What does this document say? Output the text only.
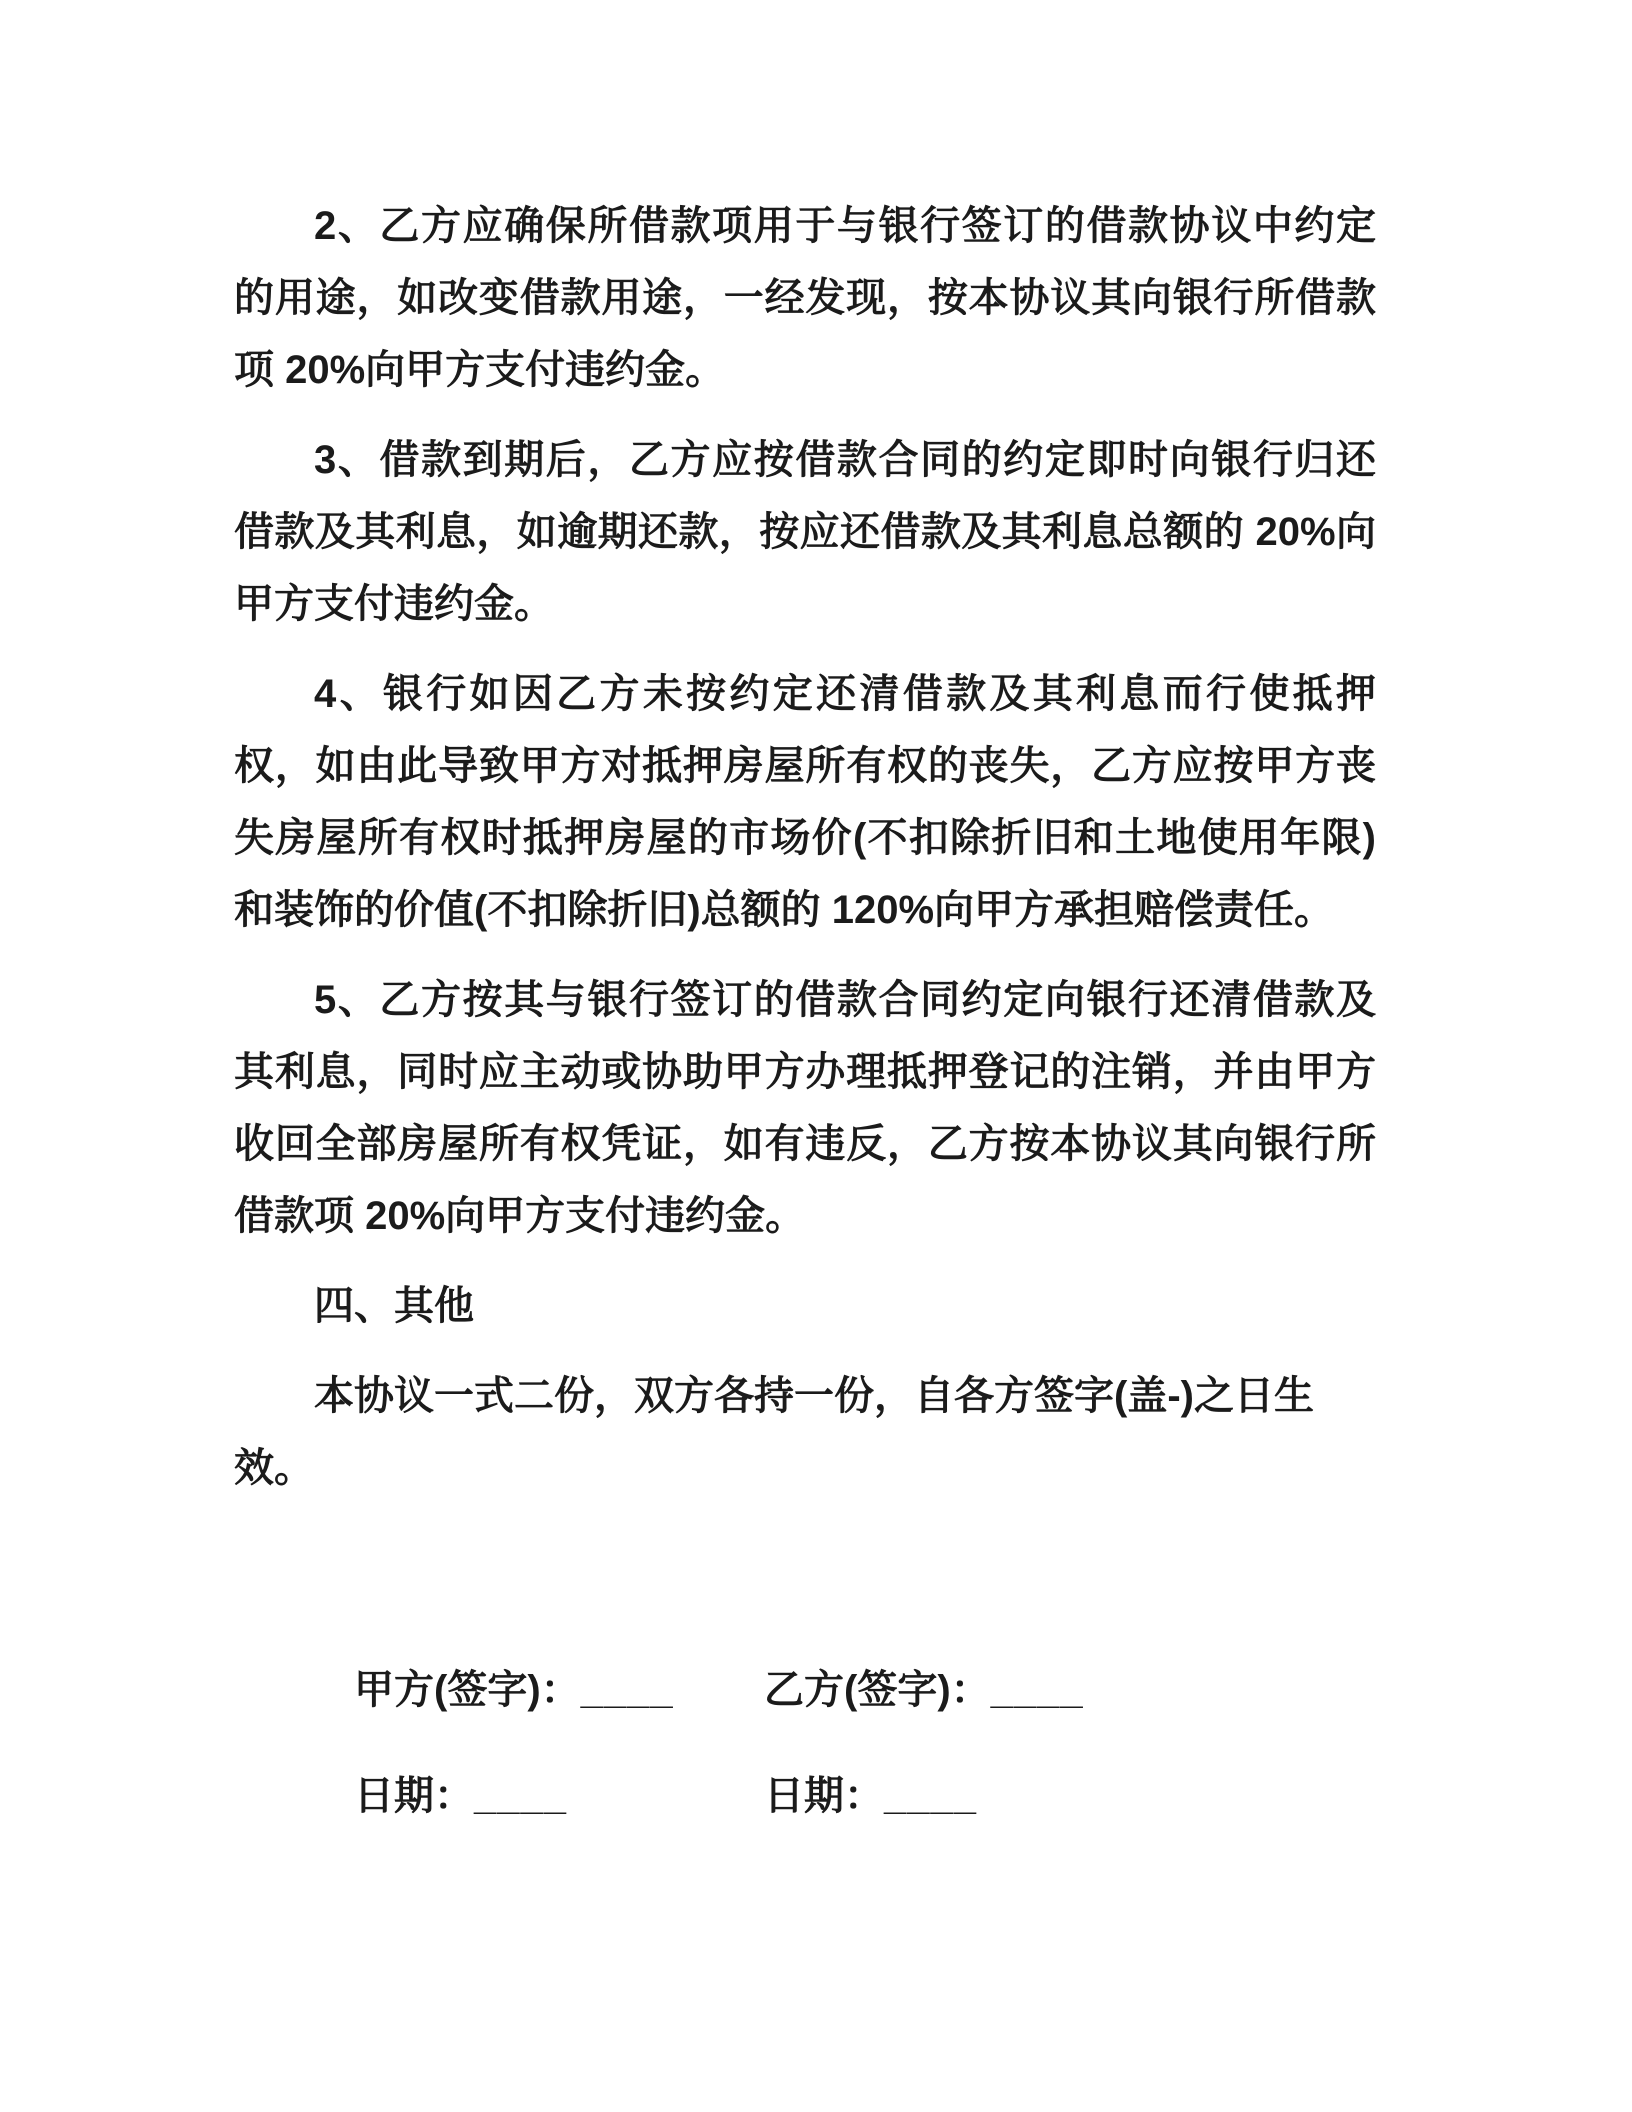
2、乙方应确保所借款项用于与银行签订的借款协议中约定的用途，如改变借款用途，一经发现，按本协议其向银行所借款项 20%向甲方支付违约金。

3、借款到期后，乙方应按借款合同的约定即时向银行归还借款及其利息，如逾期还款，按应还借款及其利息总额的 20%向甲方支付违约金。

4、银行如因乙方未按约定还清借款及其利息而行使抵押权，如由此导致甲方对抵押房屋所有权的丧失，乙方应按甲方丧失房屋所有权时抵押房屋的市场价(不扣除折旧和土地使用年限)和装饰的价值(不扣除折旧)总额的 120%向甲方承担赔偿责任。

5、乙方按其与银行签订的借款合同约定向银行还清借款及其利息，同时应主动或协助甲方办理抵押登记的注销，并由甲方收回全部房屋所有权凭证，如有违反，乙方按本协议其向银行所借款项 20%向甲方支付违约金。

四、其他

本协议一式二份，双方各持一份，自各方签字(盖-)之日生效。

甲方(签字)：____	乙方(签字)：____
日期：____	日期：____
